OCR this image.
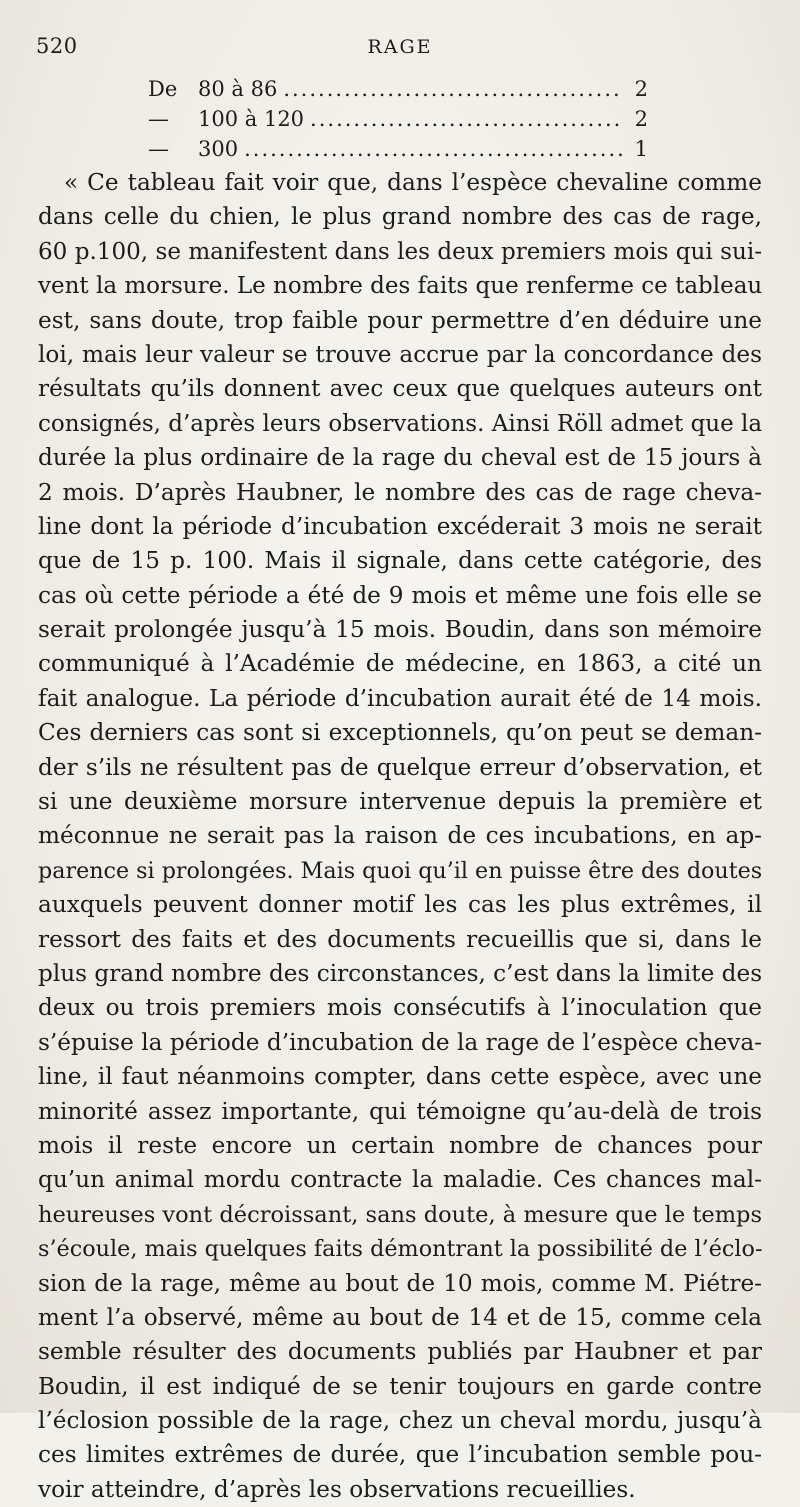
520	RAGE
De 80 à 86 .....	2
—	100 à 120 .....	2
—	300 .....	1
« Ce tableau fait voir que, dans l’espèce chevaline comme
dans celle du chien, le plus grand nombre des cas de rage,
60 p.100, se manifestent dans les deux premiers mois qui sui-
vent la morsure. Le nombre des faits que renferme ce tableau
est, sans doute, trop faible pour permettre d’en déduire une
loi, mais leur valeur se trouve accrue par la concordance des
résultats qu’ils donnent avec ceux que quelques auteurs ont
consignés, d’après leurs observations. Ainsi Röll admet que la
durée la plus ordinaire de la rage du cheval est de 15 jours à
2 mois. D’après Haubner, le nombre des cas de rage cheva-
line dont la période d’incubation excéderait 3 mois ne serait
que de 15 p. 100. Mais il signale, dans cette catégorie, des
cas où cette période a été de 9 mois et même une fois elle se
serait prolongée jusqu’à 15 mois. Boudin, dans son mémoire
communiqué à l’Académie de médecine, en 1863, a cité un
fait analogue. La période d’incubation aurait été de 14 mois.
Ces derniers cas sont si exceptionnels, qu’on peut se deman-
der s’ils ne résultent pas de quelque erreur d’observation, et
si une deuxième morsure intervenue depuis la première et
méconnue ne serait pas la raison de ces incubations, en ap-
parence si prolongées. Mais quoi qu’il en puisse être des doutes
auxquels peuvent donner motif les cas les plus extrêmes, il
ressort des faits et des documents recueillis que si, dans le
plus grand nombre des circonstances, c’est dans la limite des
deux ou trois premiers mois consécutifs à l’inoculation que
s’épuise la période d’incubation de la rage de l’espèce cheva-
line, il faut néanmoins compter, dans cette espèce, avec une
minorité assez importante, qui témoigne qu’au-delà de trois
mois il reste encore un certain nombre de chances pour
qu’un animal mordu contracte la maladie. Ces chances mal-
heureuses vont décroissant, sans doute, à mesure que le temps
s’écoule, mais quelques faits démontrant la possibilité de l’éclo-
sion de la rage, même au bout de 10 mois, comme M. Piétre-
ment l’a observé, même au bout de 14 et de 15, comme cela
semble résulter des documents publiés par Haubner et par
Boudin, il est indiqué de se tenir toujours en garde contre
l’éclosion possible de la rage, chez un cheval mordu, jusqu’à
ces limites extrêmes de durée, que l’incubation semble pou-
voir atteindre, d’après les observations recueillies.
